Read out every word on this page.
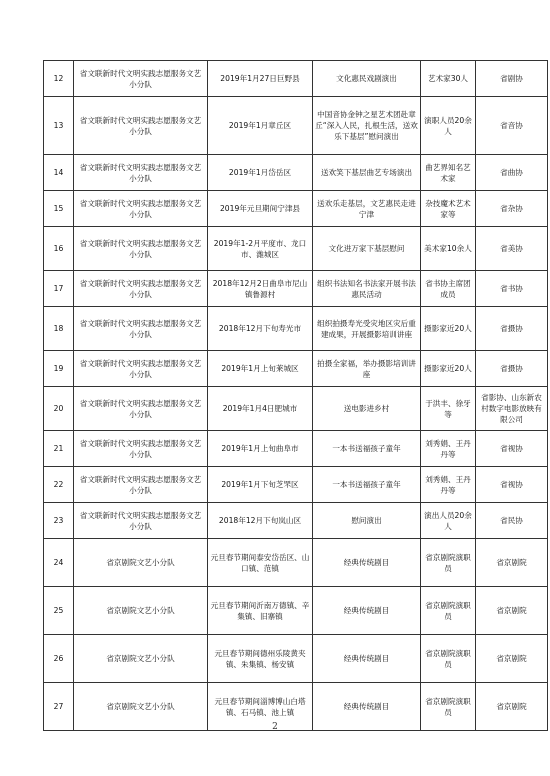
12	省文联新时代文明实践志愿服务文艺小分队	2019年1月27日巨野县	文化惠民戏剧演出	艺术家30人	省剧协
13	省文联新时代文明实践志愿服务文艺小分队	2019年1月章丘区	中国音协金钟之星艺术团赴章丘“深入人民，扎根生活，送欢乐下基层”慰问演出	演职人员20余人	省音协
14	省文联新时代文明实践志愿服务文艺小分队	2019年1月岱岳区	送欢笑下基层曲艺专场演出	曲艺界知名艺术家	省曲协
15	省文联新时代文明实践志愿服务文艺小分队	2019年元旦期间宁津县	送欢乐走基层，文艺惠民走进宁津	杂技魔术艺术家等	省杂协
16	省文联新时代文明实践志愿服务文艺小分队	2019年1-2月平度市、龙口市、潍城区	文化进万家下基层慰问	美术家10余人	省美协
17	省文联新时代文明实践志愿服务文艺小分队	2018年12月2日曲阜市尼山镇鲁源村	组织书法知名书法家开展书法惠民活动	省书协主席团成员	省书协
18	省文联新时代文明实践志愿服务文艺小分队	2018年12月下旬寿光市	组织拍摄寿光受灾地区灾后重建成果，开展摄影培训讲座	摄影家近20人	省摄协
19	省文联新时代文明实践志愿服务文艺小分队	2019年1月上旬莱城区	拍摄全家福，举办摄影培训讲座	摄影家近20人	省摄协
20	省文联新时代文明实践志愿服务文艺小分队	2019年1月4日肥城市	送电影进乡村	于洪丰、徐牙等	省影协、山东新农村数字电影放映有限公司
21	省文联新时代文明实践志愿服务文艺小分队	2019年1月上旬曲阜市	一本书送福孩子童年	刘秀娟、王丹丹等	省视协
22	省文联新时代文明实践志愿服务文艺小分队	2019年1月下旬芝罘区	一本书送福孩子童年	刘秀娟、王丹丹等	省视协
23	省文联新时代文明实践志愿服务文艺小分队	2018年12月下旬岚山区	慰问演出	演出人员20余人	省民协
24	省京剧院文艺小分队	元旦春节期间泰安岱岳区、山口镇、范镇	经典传统剧目	省京剧院演职员	省京剧院
25	省京剧院文艺小分队	元旦春节期间沂南万德镇、辛集镇、旧寨镇	经典传统剧目	省京剧院演职员	省京剧院
26	省京剧院文艺小分队	元旦春节期间德州乐陵黄夹镇、朱集镇、杨安镇	经典传统剧目	省京剧院演职员	省京剧院
27	省京剧院文艺小分队	元旦春节期间淄博博山白塔镇、石马镇、池上镇	经典传统剧目	省京剧院演职员	省京剧院
2
